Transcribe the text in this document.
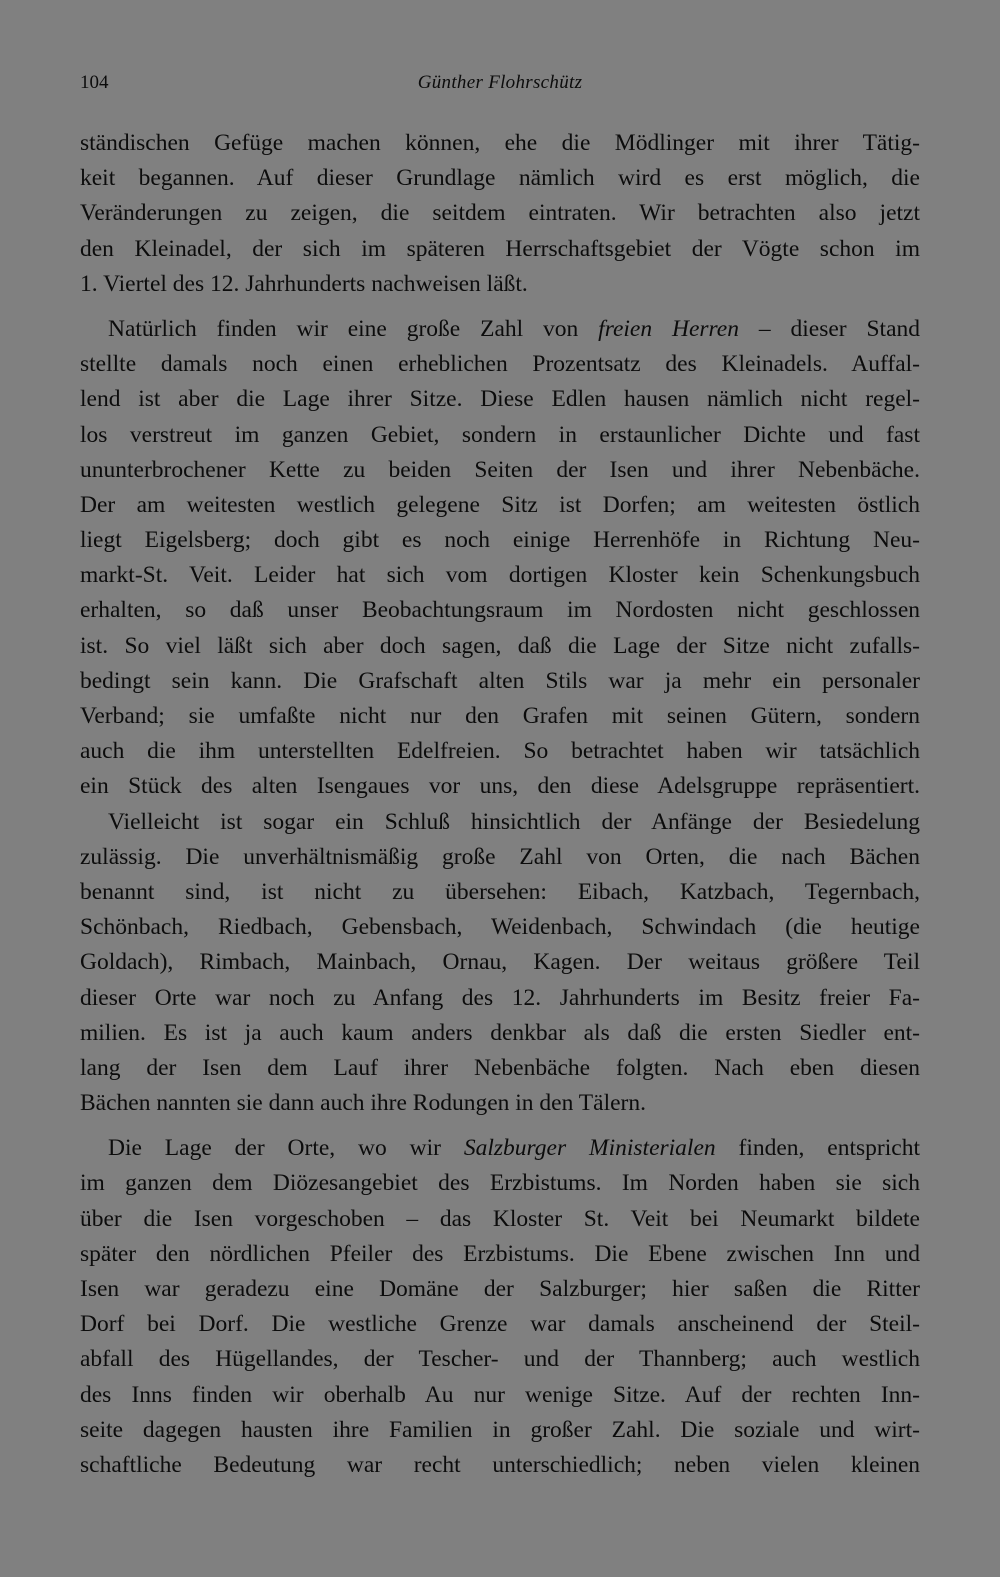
104	Günther Flohrschütz

ständischen Gefüge machen können, ehe die Mödlinger mit ihrer Tätig-
keit begannen. Auf dieser Grundlage nämlich wird es erst möglich, die
Veränderungen zu zeigen, die seitdem eintraten. Wir betrachten also jetzt
den Kleinadel, der sich im späteren Herrschaftsgebiet der Vögte schon im
1. Viertel des 12. Jahrhunderts nachweisen läßt.

Natürlich finden wir eine große Zahl von freien Herren – dieser Stand
stellte damals noch einen erheblichen Prozentsatz des Kleinadels. Auffal-
lend ist aber die Lage ihrer Sitze. Diese Edlen hausen nämlich nicht regel-
los verstreut im ganzen Gebiet, sondern in erstaunlicher Dichte und fast
ununterbrochener Kette zu beiden Seiten der Isen und ihrer Nebenbäche.
Der am weitesten westlich gelegene Sitz ist Dorfen; am weitesten östlich
liegt Eigelsberg; doch gibt es noch einige Herrenhöfe in Richtung Neu-
markt-St. Veit. Leider hat sich vom dortigen Kloster kein Schenkungsbuch
erhalten, so daß unser Beobachtungsraum im Nordosten nicht geschlossen
ist. So viel läßt sich aber doch sagen, daß die Lage der Sitze nicht zufalls-
bedingt sein kann. Die Grafschaft alten Stils war ja mehr ein personaler
Verband; sie umfaßte nicht nur den Grafen mit seinen Gütern, sondern
auch die ihm unterstellten Edelfreien. So betrachtet haben wir tatsächlich
ein Stück des alten Isengaues vor uns, den diese Adelsgruppe repräsentiert.

Vielleicht ist sogar ein Schluß hinsichtlich der Anfänge der Besiedelung
zulässig. Die unverhältnismäßig große Zahl von Orten, die nach Bächen
benannt sind, ist nicht zu übersehen: Eibach, Katzbach, Tegernbach,
Schönbach, Riedbach, Gebensbach, Weidenbach, Schwindach (die heutige
Goldach), Rimbach, Mainbach, Ornau, Kagen. Der weitaus größere Teil
dieser Orte war noch zu Anfang des 12. Jahrhunderts im Besitz freier Fa-
milien. Es ist ja auch kaum anders denkbar als daß die ersten Siedler ent-
lang der Isen dem Lauf ihrer Nebenbäche folgten. Nach eben diesen
Bächen nannten sie dann auch ihre Rodungen in den Tälern.

Die Lage der Orte, wo wir Salzburger Ministerialen finden, entspricht
im ganzen dem Diözesangebiet des Erzbistums. Im Norden haben sie sich
über die Isen vorgeschoben – das Kloster St. Veit bei Neumarkt bildete
später den nördlichen Pfeiler des Erzbistums. Die Ebene zwischen Inn und
Isen war geradezu eine Domäne der Salzburger; hier saßen die Ritter
Dorf bei Dorf. Die westliche Grenze war damals anscheinend der Steil-
abfall des Hügellandes, der Tescher- und der Thannberg; auch westlich
des Inns finden wir oberhalb Au nur wenige Sitze. Auf der rechten Inn-
seite dagegen hausten ihre Familien in großer Zahl. Die soziale und wirt-
schaftliche Bedeutung war recht unterschiedlich; neben vielen kleinen
